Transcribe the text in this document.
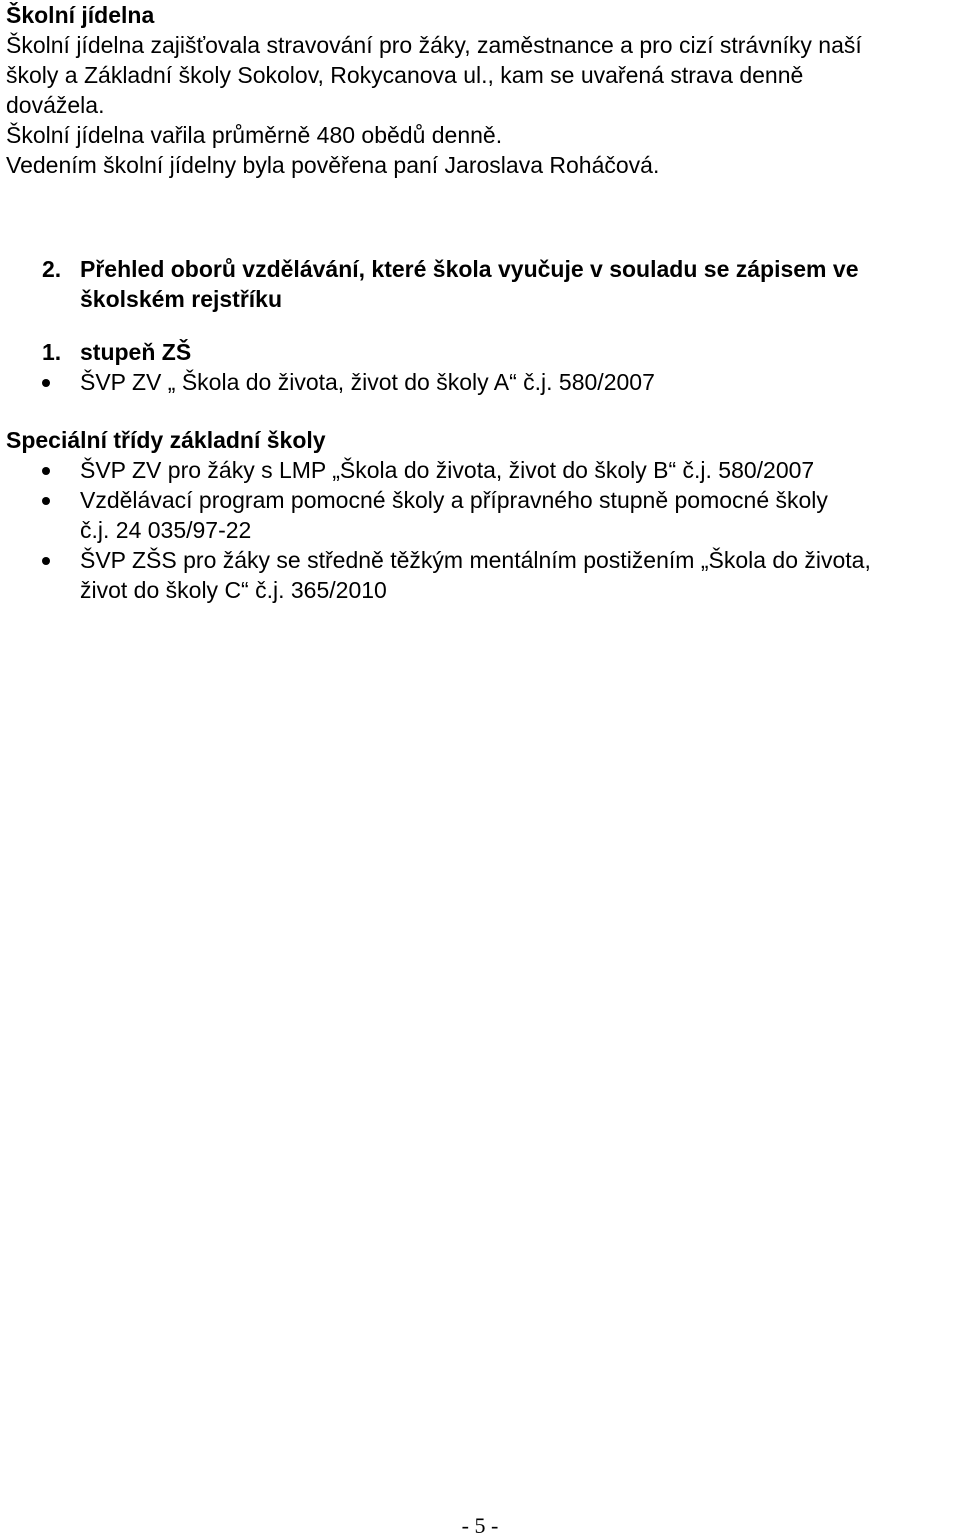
Školní jídelna
Školní jídelna zajišťovala stravování pro žáky, zaměstnance a pro cizí strávníky naší
školy a Základní školy Sokolov, Rokycanova ul., kam se uvařená strava denně
dovážela.
Školní jídelna vařila průměrně 480 obědů denně.
Vedením školní jídelny byla pověřena paní Jaroslava Roháčová.
2. Přehled oborů vzdělávání, které škola vyučuje v souladu se zápisem ve
školském rejstříku
1. stupeň ZŠ
ŠVP ZV „ Škola do života, život do školy A“ č.j. 580/2007
Speciální třídy základní školy
ŠVP ZV pro žáky s LMP „Škola do života, život do školy B“ č.j. 580/2007
Vzdělávací program pomocné školy a přípravného stupně pomocné školy
č.j. 24 035/97-22
ŠVP ZŠS pro žáky se středně těžkým mentálním postižením „Škola do života,
život do školy C“ č.j. 365/2010
- 5 -
